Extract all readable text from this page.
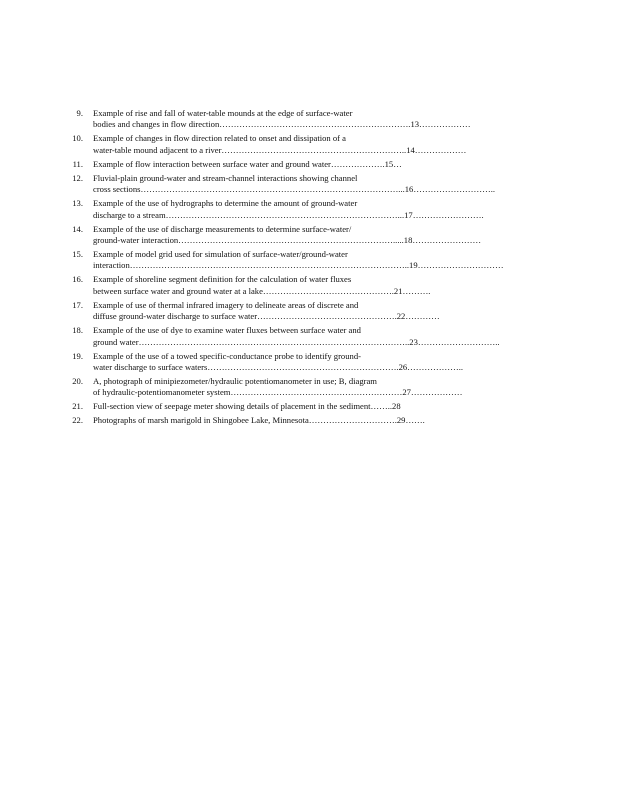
9. Example of rise and fall of water-table mounds at the edge of surface-water
bodies and changes in flow direction………………………………………………………….13………………
10. Example of changes in flow direction related to onset and dissipation of a
water-table mound adjacent to a river………………………………………………………..14………………
11. Example of flow interaction between surface water and ground water……………….15…
12. Fluvial-plain ground-water and stream-channel interactions showing channel
cross sections………………………………………………………………………………...16………………………..
13. Example of the use of hydrographs to determine the amount of ground-water
discharge to a stream………………………………………………………………………...17…………………….
14. Example of the use of discharge measurements to determine surface-water/
ground-water interaction………………………………………………………………….....18……………………
15. Example of model grid used for simulation of surface-water/ground-water
interaction……………………………………………………………………………………..19…………………………
16. Example of shoreline segment definition for the calculation of water fluxes
between surface water and ground water at a lake……………………………………….21……….
17. Example of use of thermal infrared imagery to delineate areas of discrete and
diffuse ground-water discharge to surface water………………………………………….22…………
18. Example of the use of dye to examine water fluxes between surface water and
ground water…………………………………………………………………………………..23………………………..
19. Example of the use of a towed specific-conductance probe to identify ground-
water discharge to surface waters………………………………………………………….26………………..
20. A, photograph of minipiezometer/hydraulic potentiomanometer in use; B, diagram
of hydraulic-potentiomanometer system……………………………………………………27………………
21. Full-section view of seepage meter showing details of placement in the sediment……..28
22. Photographs of marsh marigold in Shingobee Lake, Minnesota………………………….29…….
